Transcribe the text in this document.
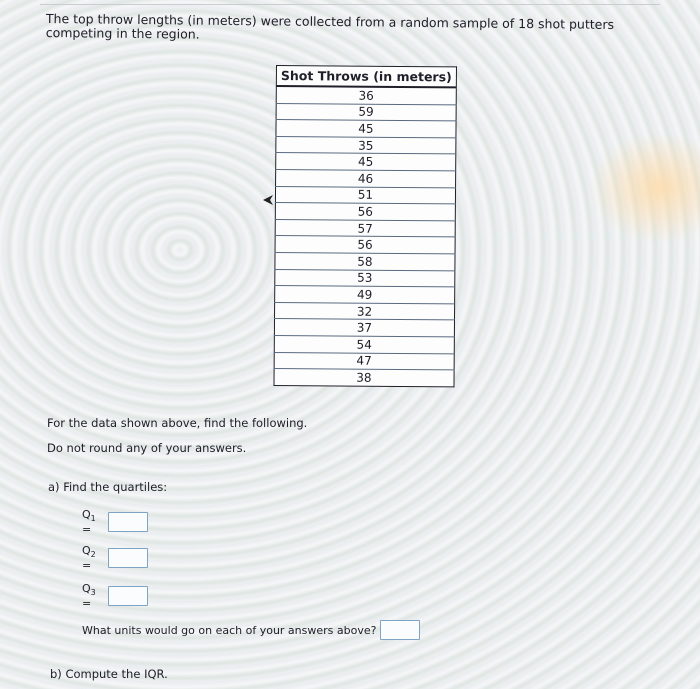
The top throw lengths (in meters) were collected from a random sample of 18 shot putters competing in the region.
Shot Throws (in meters)
36
59
45
35
45
46
51
56
57
56
58
53
49
32
37
54
47
38
For the data shown above, find the following.
Do not round any of your answers.
a) Find the quartiles:
$Q_1$ =
$Q_2$ =
$Q_3$ =
What units would go on each of your answers above?
b) Compute the IQR.
